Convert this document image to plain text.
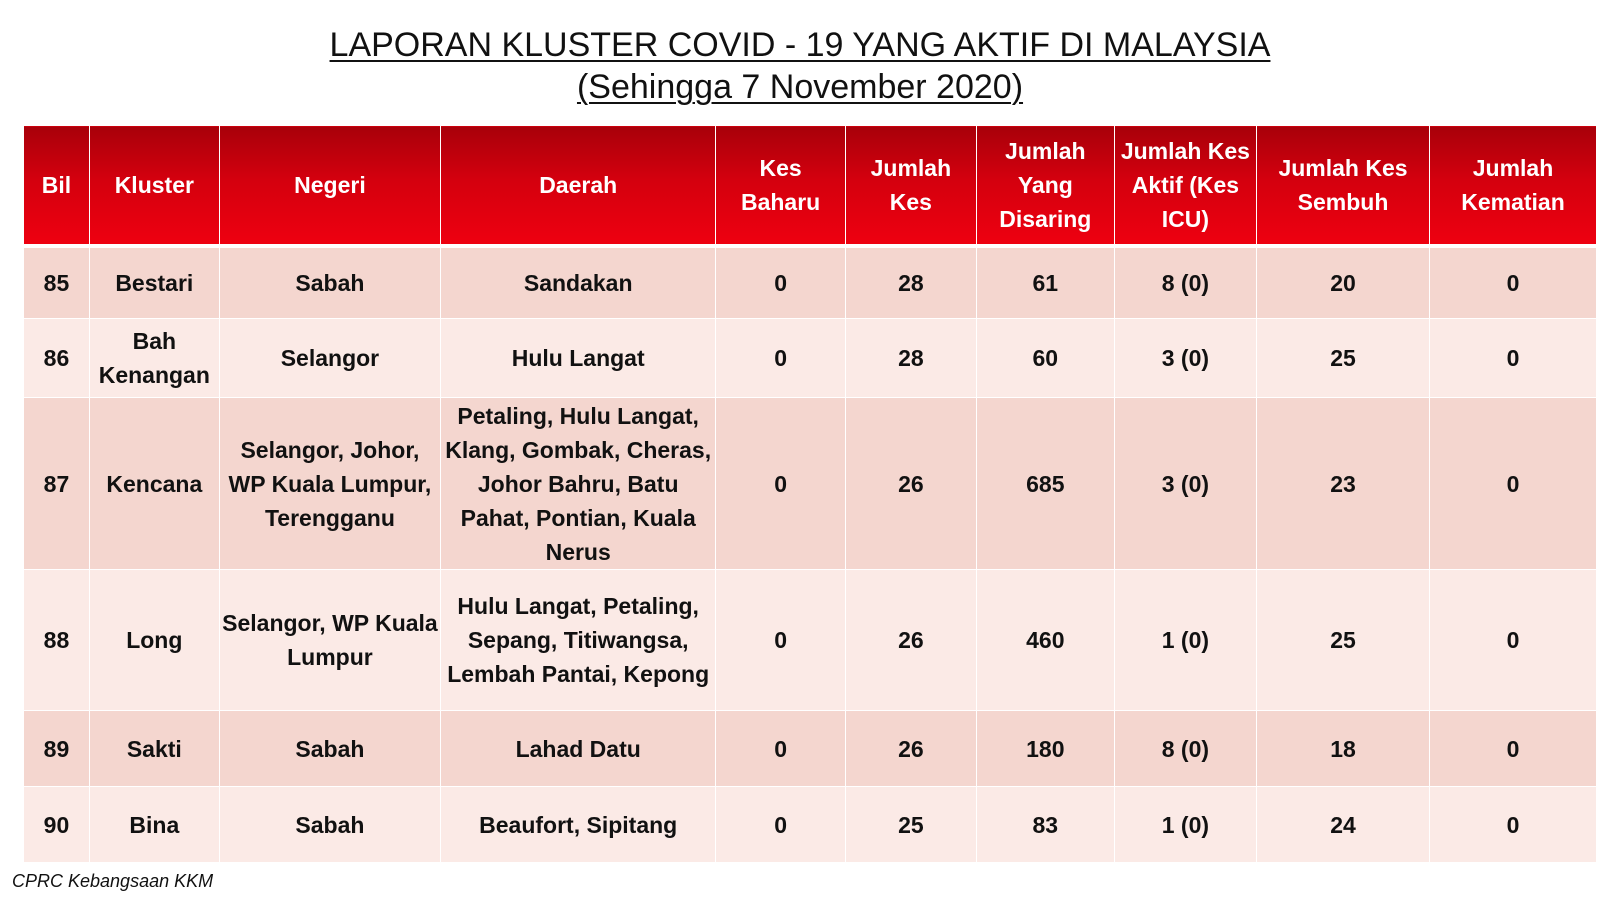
LAPORAN KLUSTER COVID - 19 YANG AKTIF DI MALAYSIA
(Sehingga 7 November 2020)
Bil	Kluster	Negeri	Daerah	Kes Baharu	Jumlah Kes	Jumlah Yang Disaring	Jumlah Kes Aktif (Kes ICU)	Jumlah Kes Sembuh	Jumlah Kematian
85	Bestari	Sabah	Sandakan	0	28	61	8 (0)	20	0
86	Bah Kenangan	Selangor	Hulu Langat	0	28	60	3 (0)	25	0
87	Kencana	Selangor, Johor, WP Kuala Lumpur, Terengganu	Petaling, Hulu Langat, Klang, Gombak, Cheras, Johor Bahru, Batu Pahat, Pontian, Kuala Nerus	0	26	685	3 (0)	23	0
88	Long	Selangor, WP Kuala Lumpur	Hulu Langat, Petaling, Sepang, Titiwangsa, Lembah Pantai, Kepong	0	26	460	1 (0)	25	0
89	Sakti	Sabah	Lahad Datu	0	26	180	8 (0)	18	0
90	Bina	Sabah	Beaufort, Sipitang	0	25	83	1 (0)	24	0
CPRC Kebangsaan KKM
